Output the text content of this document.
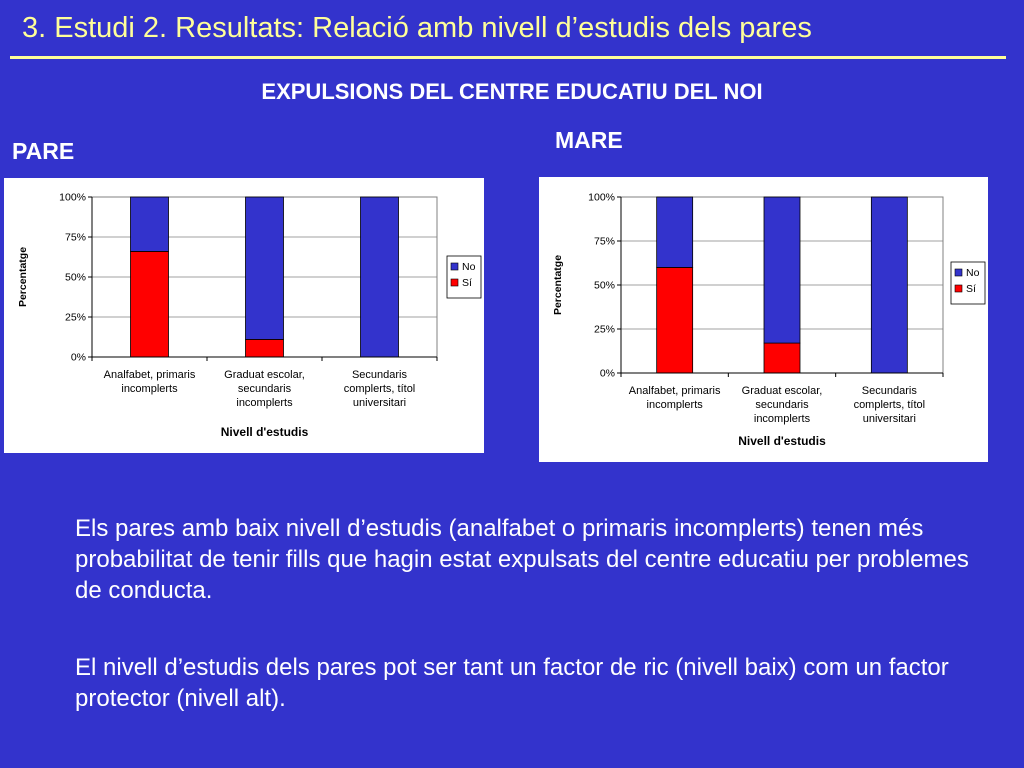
3. Estudi 2. Resultats: Relació amb nivell d’estudis dels pares
EXPULSIONS DEL CENTRE EDUCATIU DEL NOI
PARE	MARE
0%
25%
50%
75%
100%
Analfabet, primaris
incomplerts
Graduat escolar,
secundaris
incomplerts
Secundaris
complerts, títol
universitari
Nivell d'estudis
Percentatge	No
Sí
0%
25%
50%
75%
100%
Analfabet, primaris
incomplerts
Graduat escolar,
secundaris
incomplerts
Secundaris
complerts, títol
universitari
Nivell d'estudis
Percentatge	No
Sí
Els pares amb baix nivell d’estudis (analfabet o primaris incomplerts) tenen més probabilitat de tenir fills que hagin estat expulsats del centre educatiu per problemes de conducta.
El nivell d’estudis dels pares pot ser tant un factor de ric (nivell baix) com un factor protector (nivell alt).
